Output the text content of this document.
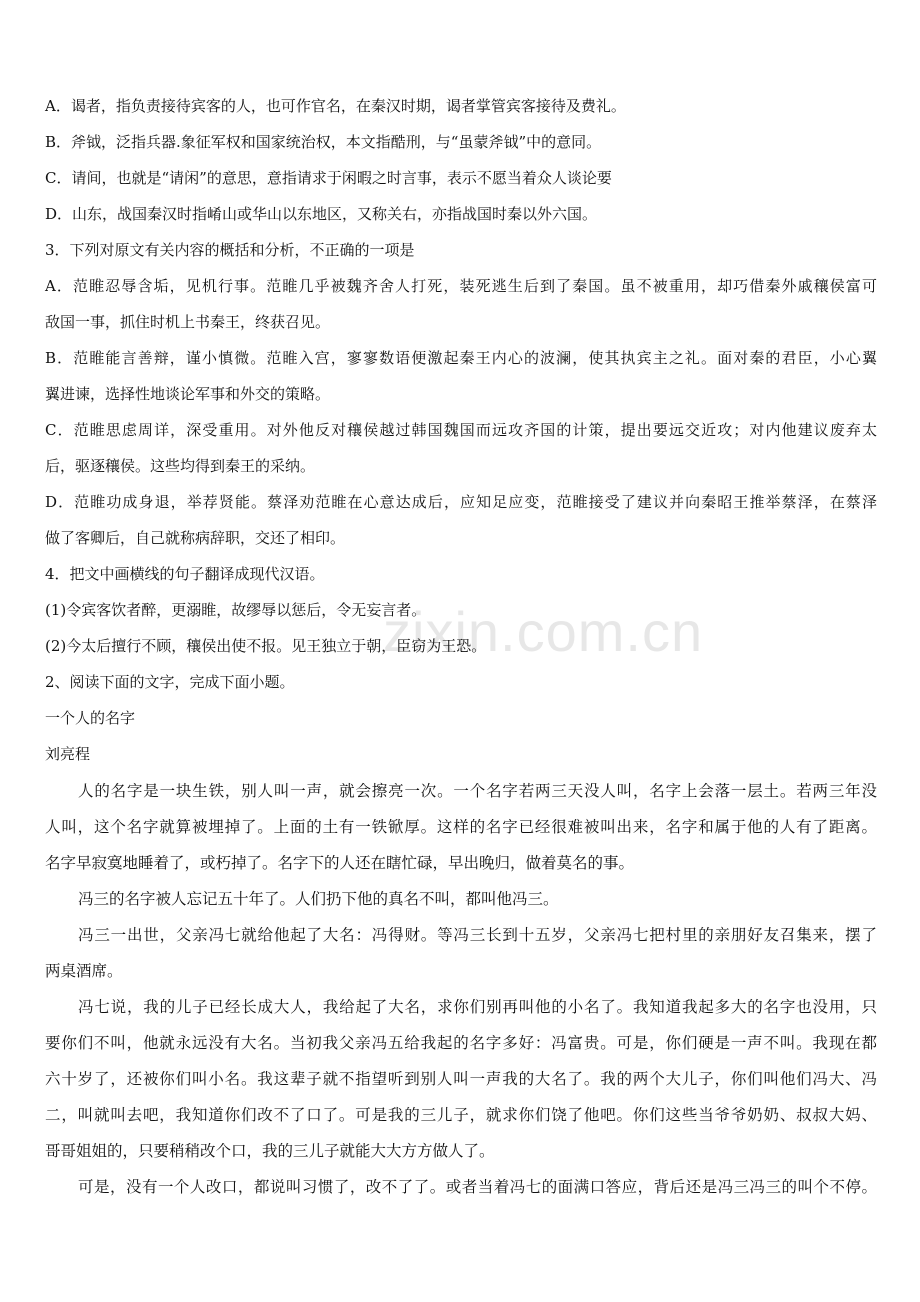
zixin.com.cn
A．谒者，指负责接待宾客的人，也可作官名，在秦汉时期，谒者掌管宾客接待及费礼。
B．斧钺，泛指兵器.象征军权和国家统治权，本文指酷刑，与“虽蒙斧钺”中的意同。
C．请间，也就是“请闲”的意思，意指请求于闲暇之时言事，表示不愿当着众人谈论要
D．山东，战国秦汉时指崤山或华山以东地区，又称关右，亦指战国时秦以外六国。
3．下列对原文有关内容的概括和分析，不正确的一项是
A．范睢忍辱含垢，见机行事。范睢几乎被魏齐舍人打死，装死逃生后到了秦国。虽不被重用，却巧借秦外戚穰侯富可
敌国一事，抓住时机上书秦王，终获召见。
B．范睢能言善辩，谨小慎微。范睢入宫，寥寥数语便激起秦王内心的波澜，使其执宾主之礼。面对秦的君臣，小心翼
翼进谏，选择性地谈论军事和外交的策略。
C．范睢思虑周详，深受重用。对外他反对穰侯越过韩国魏国而远攻齐国的计策，提出要远交近攻；对内他建议废弃太
后，驱逐穰侯。这些均得到秦王的采纳。
D．范睢功成身退，举荐贤能。蔡泽劝范睢在心意达成后，应知足应变，范睢接受了建议并向秦昭王推举蔡泽，在蔡泽
做了客卿后，自己就称病辞职，交还了相印。
4．把文中画横线的句子翻译成现代汉语。
(1)令宾客饮者醉，更溺睢，故缪辱以惩后，令无妄言者。
(2)今太后擅行不顾，穰侯出使不报。见王独立于朝，臣窃为王恐。
2、阅读下面的文字，完成下面小题。
一个人的名字
刘亮程
人的名字是一块生铁，别人叫一声，就会擦亮一次。一个名字若两三天没人叫，名字上会落一层土。若两三年没
人叫，这个名字就算被埋掉了。上面的土有一铁锨厚。这样的名字已经很难被叫出来，名字和属于他的人有了距离。
名字早寂寞地睡着了，或朽掉了。名字下的人还在瞎忙碌，早出晚归，做着莫名的事。
冯三的名字被人忘记五十年了。人们扔下他的真名不叫，都叫他冯三。
冯三一出世，父亲冯七就给他起了大名：冯得财。等冯三长到十五岁，父亲冯七把村里的亲朋好友召集来，摆了
两桌酒席。
冯七说，我的儿子已经长成大人，我给起了大名，求你们别再叫他的小名了。我知道我起多大的名字也没用，只
要你们不叫，他就永远没有大名。当初我父亲冯五给我起的名字多好：冯富贵。可是，你们硬是一声不叫。我现在都
六十岁了，还被你们叫小名。我这辈子就不指望听到别人叫一声我的大名了。我的两个大儿子，你们叫他们冯大、冯
二，叫就叫去吧，我知道你们改不了口了。可是我的三儿子，就求你们饶了他吧。你们这些当爷爷奶奶、叔叔大妈、
哥哥姐姐的，只要稍稍改个口，我的三儿子就能大大方方做人了。
可是，没有一个人改口，都说叫习惯了，改不了了。或者当着冯七的面满口答应，背后还是冯三冯三的叫个不停。
